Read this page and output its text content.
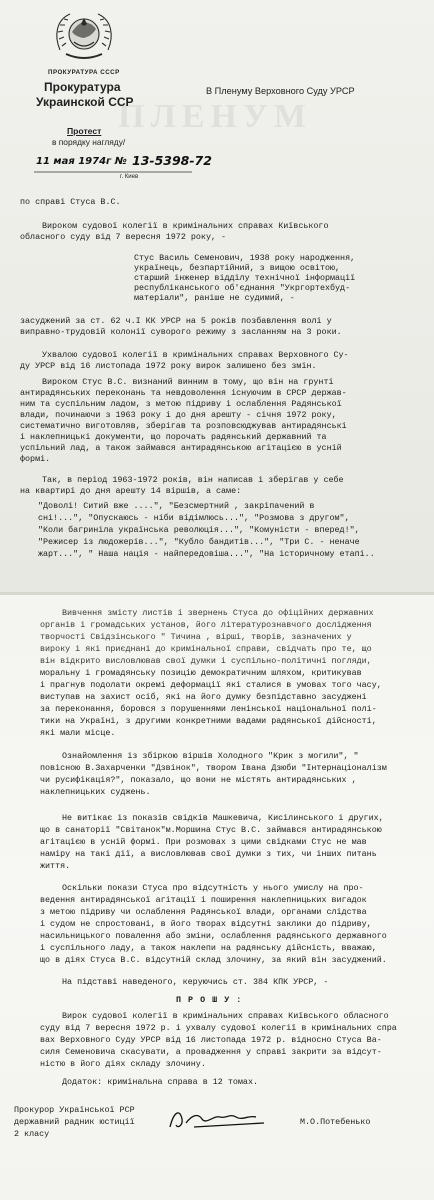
ПЛЕНУМ
ПРОКУРАТУРА СССР
Прокуратура
Украинской ССР
Протест
в порядку нагляду/
11 мая 1974г № 13-5398-72
г. Киев
В Пленуму Верховного Суду УРСР
по справі Стуса В.С.
Вироком судової колегії в кримінальних справах Київського
обласного суду від 7 вересня 1972 року, -
Стус Василь Семенович, 1938 року народження,
українець, безпартійний, з вищою освітою,
старший інженер відділу технічної інформації
республіканського об'єднання "Укргортехбуд-
матеріали", раніше не судимий, -
засуджений за ст. 62 ч.І КК УРСР на 5 років позбавлення волі у
виправно-трудовій колонії суворого режиму з засланням на 3 роки.
Ухвалою судової колегії в кримінальних справах Верховного Су-
ду УРСР від 16 листопада 1972 року вирок залишено без змін.
Вироком Стус В.С. визнаний винним в тому, що він на грунті
антирадянських переконань та невдоволення існуючим в СРСР держав-
ним та суспільним ладом, з метою підриву і ослаблення Радянської
влади, починаючи з 1963 року і до дня арешту - січня 1972 року,
систематично виготовляв, зберігав та розповсюджував антирадянські
і наклепницькі документи, що порочать радянський державний та
успільний лад, а також займався антирадянською агітацією в усній
формі.
Так, в період 1963-1972 років, він написав і зберігав у себе
на квартирі до дня арешту 14 віршів, а саме:
"Доволі! Ситий вже ....", "Безсмертний , закріпачений в
сні!...", "Опускаюсь - ніби відімлюсь...", "Розмова з другом",
"Коли багриніла українська революція...", "Комуністи - вперед!",
"Режисер із людожерів...", "Кубло бандитів...", "Три С. - неначе
жарт...", " Наша нація - найпередовіша...", "На історичному етапі..
Вивчення змісту листів і звернень Стуса до офіційних державних
органів і громадських установ, його літературознавчого дослідження
творчості Свідзінського " Тичина , вірші, творів, зазначених у
вироку і які приєднані до кримінальної справи, свідчать про те, що
він відкрито висловлював свої думки і суспільно-політичні погляди,
моральну і громадянську позицію демократичним шляхом, критикував
і прагнув подолати окремі деформації які сталися в умовах того часу,
виступав на захист осіб, які на його думку безпідставно засуджені
за переконання, боровся з порушеннями ленінської національної полі-
тики на Україні, з другими конкретними вадами радянської дійсності,
які мали місце.
Ознайомлення із збіркою віршів Холодного "Крик з могили", "
повісною В.Захарченки "Дзвінок", твором Івана Дзюби "Інтернаціоналізм
чи русифікація?", показало, що вони не містять антирадянських ,
наклепницьких суджень.
Не витікає із показів свідків Машкевича, Кисілинського і других,
що в санаторії "Світанок"м.Моршина Стус В.С. займався антирадянською
агітацією в усній формі. При розмовах з цими свідками Стус не мав
наміру на такі дії, а висловлював свої думки з тих, чи інших питань
життя.
Оскільки покази Стуса про відсутність у нього умислу на про-
ведення антирадянської агітації і поширення наклепницьких вигадок
з метою підриву чи ослаблення Радянської влади, органами слідства
і судом не спростовані, в його творах відсутні заклики до підриву,
насильницького повалення або зміни, ослаблення радянського державного
і суспільного ладу, а також наклепи на радянську дійсність, вважаю,
що в діях Стуса В.С. відсутній склад злочину, за який він засуджений.
На підставі наведеного, керуючись ст. 384 КПК УРСР, -
П Р О Ш У :
Вирок судової колегії в кримінальних справах Київського обласного
суду від 7 вересня 1972 р. і ухвалу судової колегії в кримінальних спра
вах Верховного Суду УРСР від 16 листопада 1972 р. відносно Стуса Ва-
силя Семеновича скасувати, а провадження у справі закрити за відсут-
ністю в його діях складу злочину.
Додаток: кримінальна справа в 12 томах.
Прокурор Української РСР
державний радник юстиції
2 класу
М.О.Потебенько
